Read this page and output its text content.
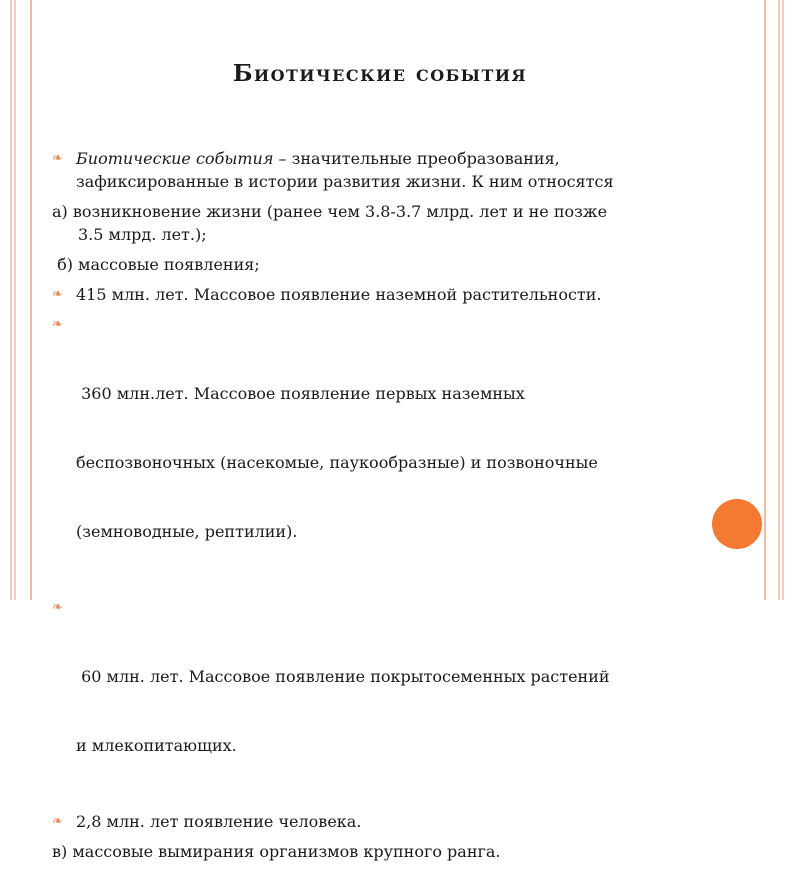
Биотические события
❧ Биотические события – значительные преобразования,
зафиксированные в истории развития жизни. К ним относятся
а) возникновение жизни (ранее чем 3.8-3.7 млрд. лет и не позже
3.5 млрд. лет.);
б) массовые появления;
❧ 415 млн. лет. Массовое появление наземной растительности.

❧

360 млн.лет. Массовое появление первых наземных

беспозвоночных (насекомые, паукообразные) и позвоночные

(земноводные, рептилии).

❧

60 млн. лет. Массовое появление покрытосеменных растений

и млекопитающих.

❧ 2,8 млн. лет появление человека.
в) массовые вымирания организмов крупного ранга.
